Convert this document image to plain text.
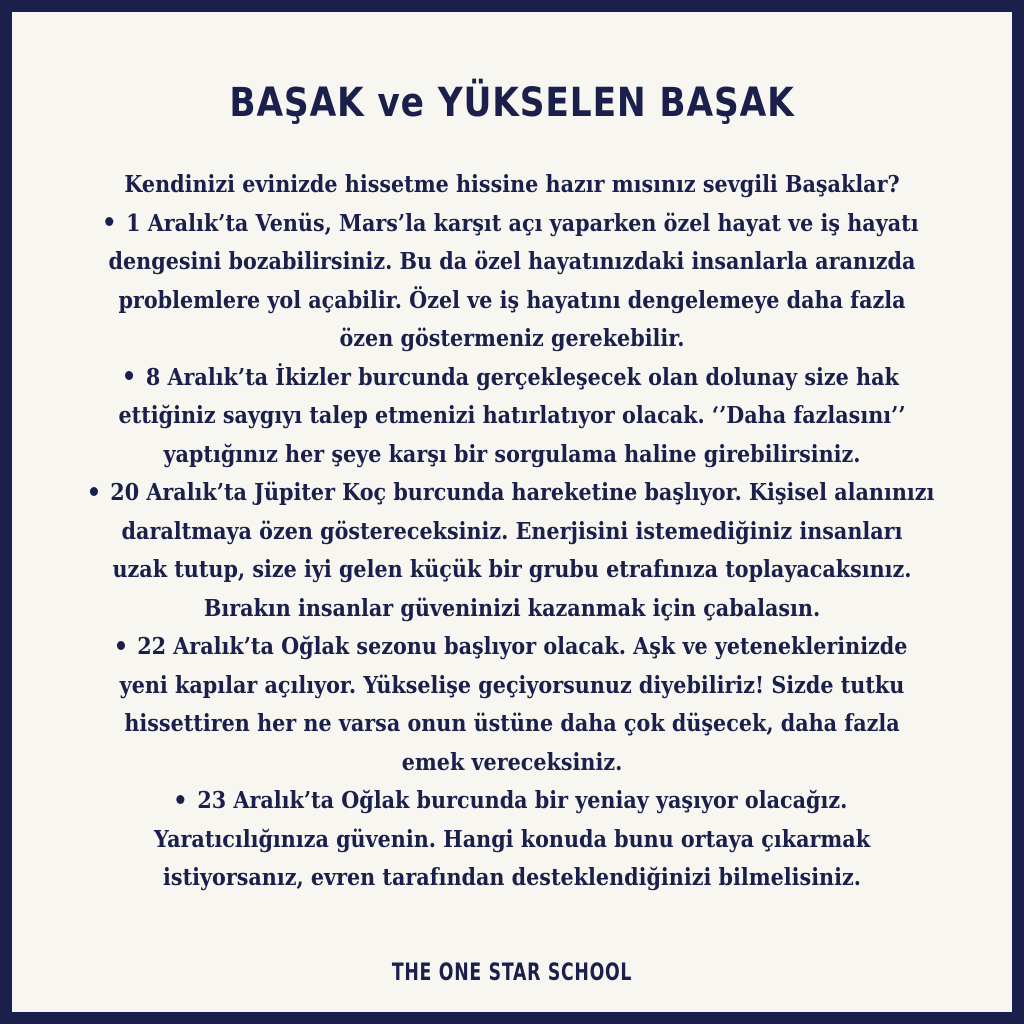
BAŞAK ve YÜKSELEN BAŞAK
Kendinizi evinizde hissetme hissine hazır mısınız sevgili Başaklar?
1 Aralık’ta Venüs, Mars’la karşıt açı yaparken özel hayat ve iş hayatı
dengesini bozabilirsiniz. Bu da özel hayatınızdaki insanlarla aranızda
problemlere yol açabilir. Özel ve iş hayatını dengelemeye daha fazla
özen göstermeniz gerekebilir.
8 Aralık’ta İkizler burcunda gerçekleşecek olan dolunay size hak
ettiğiniz saygıyı talep etmenizi hatırlatıyor olacak. ‘’Daha fazlasını’’
yaptığınız her şeye karşı bir sorgulama haline girebilirsiniz.
20 Aralık’ta Jüpiter Koç burcunda hareketine başlıyor. Kişisel alanınızı
daraltmaya özen göstereceksiniz. Enerjisini istemediğiniz insanları
uzak tutup, size iyi gelen küçük bir grubu etrafınıza toplayacaksınız.
Bırakın insanlar güveninizi kazanmak için çabalasın.
22 Aralık’ta Oğlak sezonu başlıyor olacak. Aşk ve yeteneklerinizde
yeni kapılar açılıyor. Yükselişe geçiyorsunuz diyebiliriz! Sizde tutku
hissettiren her ne varsa onun üstüne daha çok düşecek, daha fazla
emek vereceksiniz.
23 Aralık’ta Oğlak burcunda bir yeniay yaşıyor olacağız.
Yaratıcılığınıza güvenin. Hangi konuda bunu ortaya çıkarmak
istiyorsanız, evren tarafından desteklendiğinizi bilmelisiniz.
THE ONE STAR SCHOOL
